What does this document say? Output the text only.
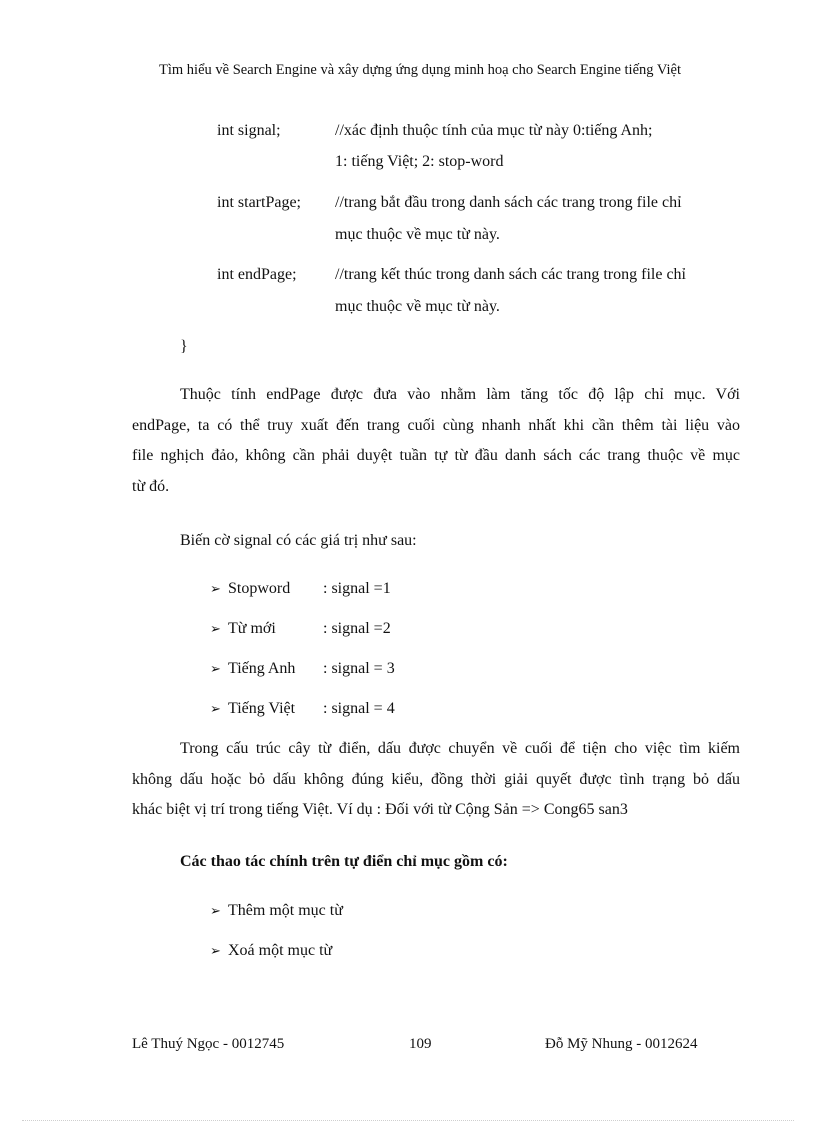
Tìm hiểu về Search Engine và xây dựng ứng dụng minh hoạ cho Search Engine tiếng Việt
int signal;	//xác định thuộc tính của mục từ này 0:tiếng Anh;
1: tiếng Việt; 2: stop-word
int startPage; //trang bắt đầu trong danh sách các trang trong file chỉ
mục thuộc về mục từ này.
int endPage; //trang kết thúc trong danh sách các trang trong file chỉ
mục thuộc về mục từ này.
}
Thuộc tính endPage được đưa vào nhằm làm tăng tốc độ lập chỉ mục. Với
endPage, ta có thể truy xuất đến trang cuối cùng nhanh nhất khi cần thêm tài liệu vào
file nghịch đảo, không cần phải duyệt tuần tự từ đầu danh sách các trang thuộc về mục
từ đó.
Biến cờ signal có các giá trị như sau:
➢ Stopword : signal =1
➢ Từ mới	: signal =2
➢ Tiếng Anh : signal = 3
➢ Tiếng Việt : signal = 4
Trong cấu trúc cây từ điển, dấu được chuyển về cuối để tiện cho việc tìm kiếm
không dấu hoặc bỏ dấu không đúng kiểu, đồng thời giải quyết được tình trạng bỏ dấu
khác biệt vị trí trong tiếng Việt. Ví dụ : Đối với từ Cộng Sản => Cong65 san3
Các thao tác chính trên tự điển chỉ mục gồm có:
➢ Thêm một mục từ
➢ Xoá một mục từ
Lê Thuý Ngọc - 0012745	109	Đỗ Mỹ Nhung - 0012624
